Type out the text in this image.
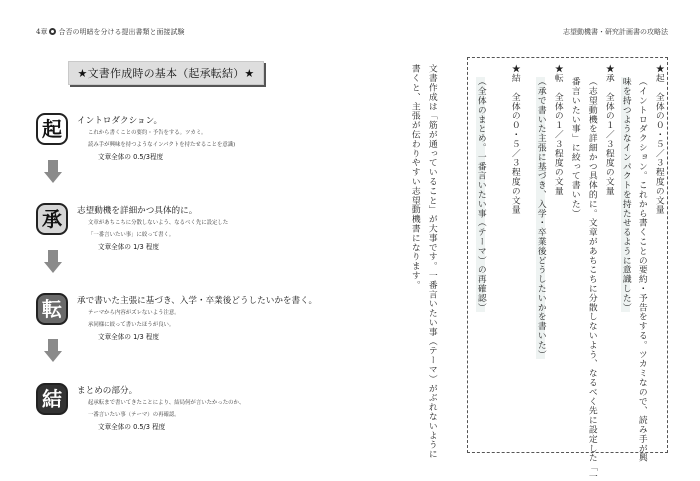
4章 合否の明暗を分ける提出書類と面接試験
★文書作成時の基本（起承転結）★
起	イントロダクション。
これから書くことの要約・予告をする。ツカミ。
読み手が興味を持つようなインパクトを持たせることを意識)
文章全体の 0.5/3程度
承	志望動機を詳細かつ具体的に。
文章があちこちに分散しないよう、なるべく先に設定した
「一番言いたい事」に絞って書く。
文章全体の 1/3 程度
転	承で書いた主張に基づき、入学・卒業後どうしたいかを書く。
テーマから内容がズレないよう注意。
承同様に絞って書いたほうが良い。
文章全体の 1/3 程度
結	まとめの部分。
起承転まで書いてきたことにより、結局何が言いたかったのか、
一番言いたい事（テーマ）の再確認。
文章全体の 0.5/3 程度
志望動機書・研究計画書の攻略法
★起　全体の０・５／３程度の文量
（イントロダクション。これから書くことの要約・予告をする。ツカミなので、読み手が興
味を持つようなインパクトを持たせるように意識した）
★承　全体の１／３程度の文量
（志望動機を詳細かつ具体的に。文章があちこちに分散しないよう、なるべく先に設定した「一
番言いたい事」に絞って書いた）
★転　全体の１／３程度の文量
（承で書いた主張に基づき、入学・卒業後どうしたいかを書いた）
★結　全体の０・５／３程度の文量
（全体のまとめ。一番言いたい事（テーマ）の再確認）
文書作成は「筋が通っていること」が大事です。一番言いたい事（テーマ）がぶれないように
書くと、主張が伝わりやすい志望動機書になります。
